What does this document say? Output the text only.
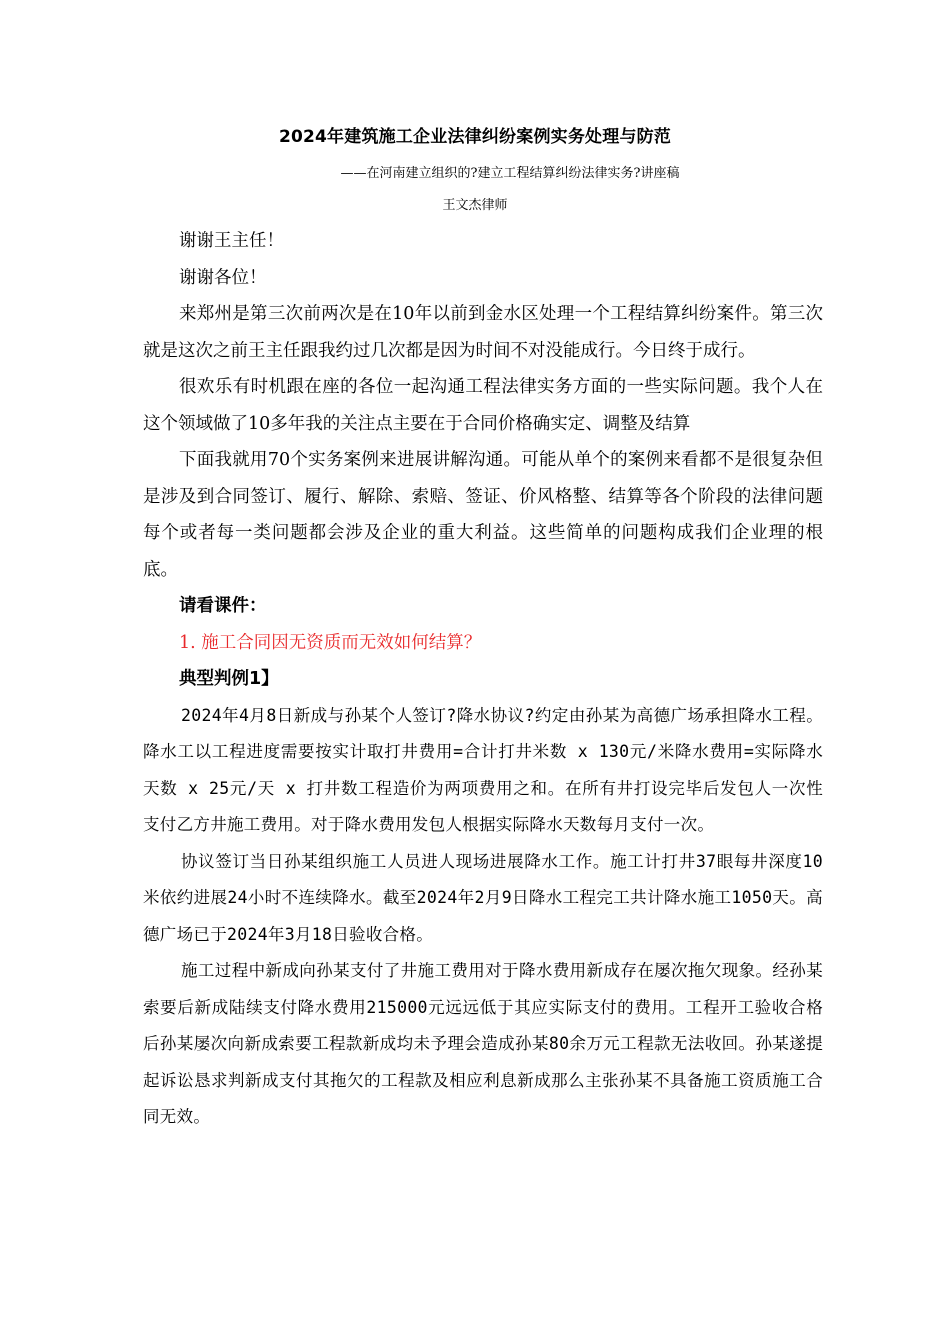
2024年建筑施工企业法律纠纷案例实务处理与防范
——在河南建立组织的?建立工程结算纠纷法律实务?讲座稿
王文杰律师

谢谢王主任！

谢谢各位！

来郑州是第三次前两次是在10年以前到金水区处理一个工程结算纠纷案件。第三次就是这次之前王主任跟我约过几次都是因为时间不对没能成行。今日终于成行。

很欢乐有时机跟在座的各位一起沟通工程法律实务方面的一些实际问题。我个人在这个领域做了10多年我的关注点主要在于合同价格确实定、调整及结算

下面我就用70个实务案例来进展讲解沟通。可能从单个的案例来看都不是很复杂但是涉及到合同签订、履行、解除、索赔、签证、价风格整、结算等各个阶段的法律问题每个或者每一类问题都会涉及企业的重大利益。这些简单的问题构成我们企业理的根底。

请看课件：

1. 施工合同因无资质而无效如何结算？

典型判例1】

2024年4月8日新成与孙某个人签订?降水协议?约定由孙某为高德广场承担降水工程。降水工以工程进度需要按实计取打井费用=合计打井米数 x 130元/米降水费用=实际降水天数 x 25元/天 x 打井数工程造价为两项费用之和。在所有井打设完毕后发包人一次性支付乙方井施工费用。对于降水费用发包人根据实际降水天数每月支付一次。

协议签订当日孙某组织施工人员进人现场进展降水工作。施工计打井37眼每井深度10米依约进展24小时不连续降水。截至2024年2月9日降水工程完工共计降水施工1050天。高德广场已于2024年3月18日验收合格。

施工过程中新成向孙某支付了井施工费用对于降水费用新成存在屡次拖欠现象。经孙某索要后新成陆续支付降水费用215000元远远低于其应实际支付的费用。工程开工验收合格后孙某屡次向新成索要工程款新成均未予理会造成孙某80余万元工程款无法收回。孙某遂提起诉讼恳求判新成支付其拖欠的工程款及相应利息新成那么主张孙某不具备施工资质施工合同无效。
